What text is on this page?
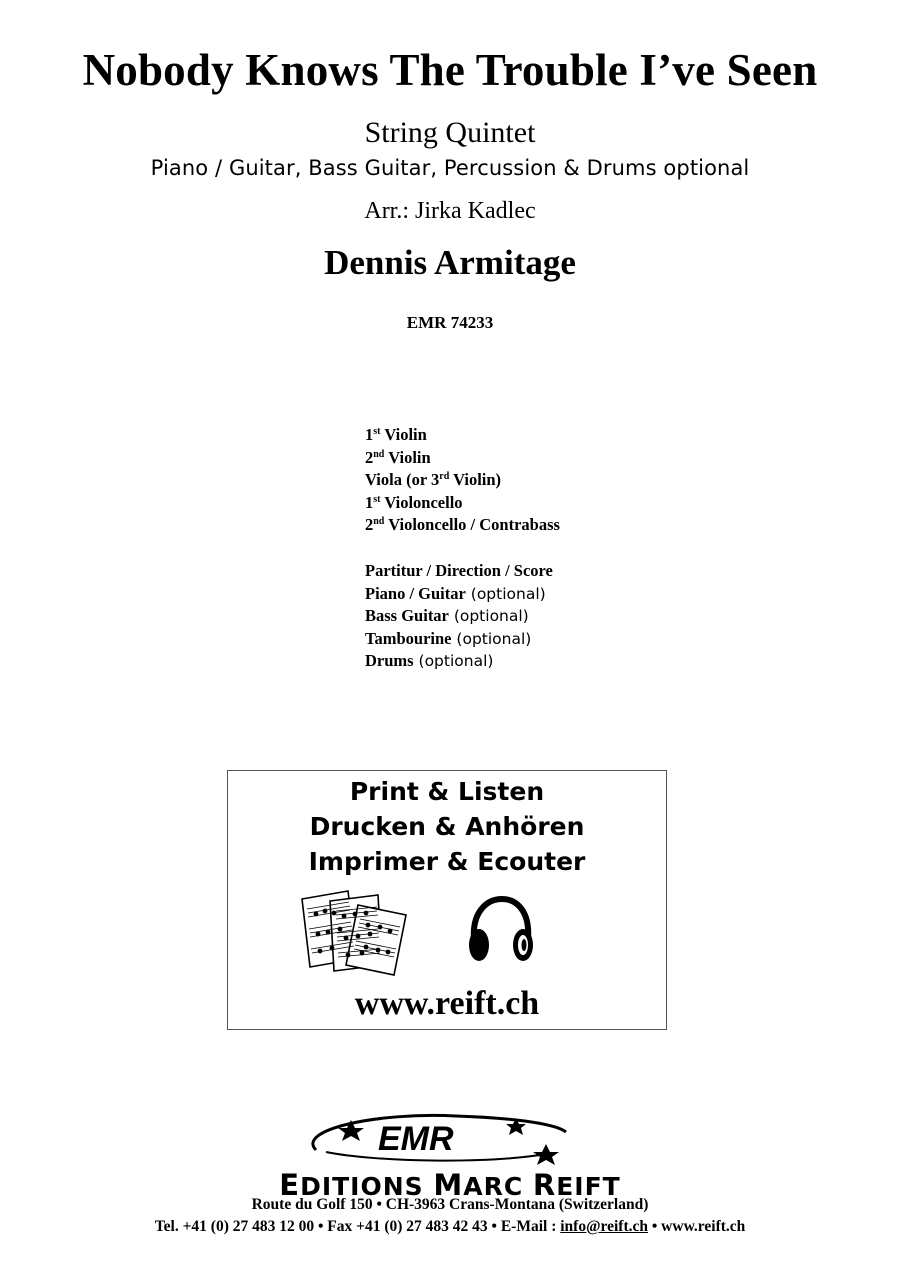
Nobody Knows The Trouble I’ve Seen
String Quintet
Piano / Guitar, Bass Guitar, Percussion & Drums optional
Arr.: Jirka Kadlec
Dennis Armitage
EMR 74233
1st Violin
2nd Violin
Viola (or 3rd Violin)
1st Violoncello
2nd Violoncello / Contrabass
Partitur / Direction / Score
Piano / Guitar (optional)
Bass Guitar (optional)
Tambourine (optional)
Drums (optional)
Print & Listen
Drucken & Anhören
Imprimer & Ecouter
www.reift.ch
EMR
EDITIONS MARC REIFT
Route du Golf 150 • CH-3963 Crans-Montana (Switzerland)
Tel. +41 (0) 27 483 12 00 • Fax +41 (0) 27 483 42 43 • E-Mail : info@reift.ch • www.reift.ch
